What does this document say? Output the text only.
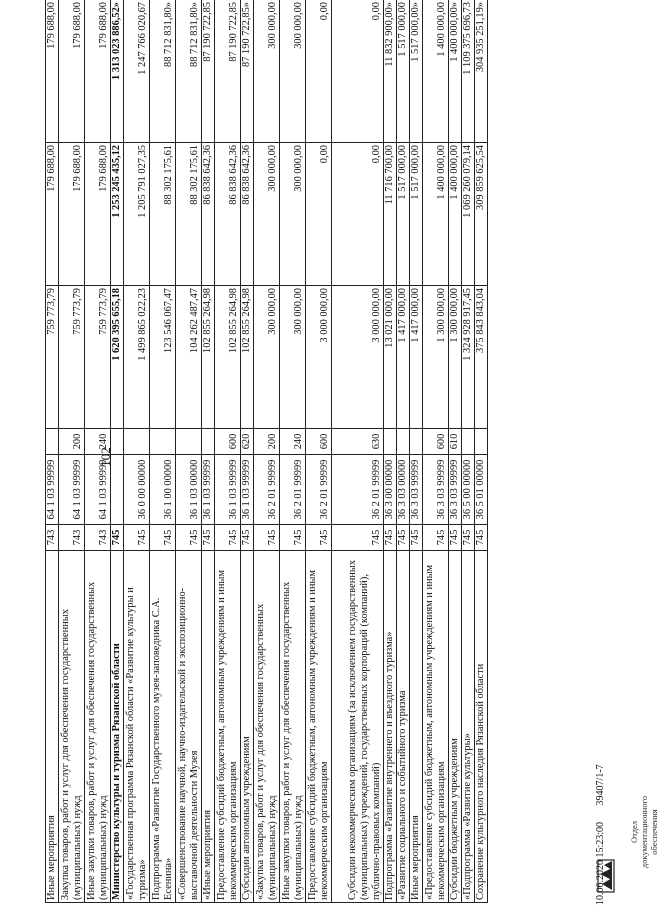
102
Иные мероприятия	743	64 1 03 99999		759 773,79	179 688,00	179 688,00
Закупка товаров, работ и услуг для обеспечения государственных (муниципальных) нужд	743	64 1 03 99999	200	759 773,79	179 688,00	179 688,00
Иные закупки товаров, работ и услуг для обеспечения государственных (муниципальных) нужд	743	64 1 03 99999	240	759 773,79	179 688,00	179 688,00
Министерство культуры и туризма Рязанской области	745			1 620 395 655,18	1 253 245 435,12	1 313 023 886,52»
«Государственная программа Рязанской области «Развитие культуры и туризма»	745	36 0 00 00000		1 499 865 022,23	1 205 791 027,35	1 247 766 020,67
Подпрограмма «Развитие Государственного музея-заповедника С.А. Есенина»	745	36 1 00 00000		123 546 067,47	88 302 175,61	88 712 831,80»
«Совершенствование научной, научно-издательской и экспозиционно-выставочной деятельности Музея	745	36 1 03 00000		104 262 487,47	88 302 175,61	88 712 831,80»
«Иные мероприятия	745	36 1 03 99999		102 855 264,98	86 838 642,36	87 190 722,85
Предоставление субсидий бюджетным, автономным учреждениям и иным некоммерческим организациям	745	36 1 03 99999	600	102 855 264,98	86 838 642,36	87 190 722,85
Субсидии автономным учреждениям	745	36 1 03 99999	620	102 855 264,98	86 838 642,36	87 190 722,85»
«Закупка товаров, работ и услуг для обеспечения государственных (муниципальных) нужд	745	36 2 01 99999	200	300 000,00	300 000,00	300 000,00
Иные закупки товаров, работ и услуг для обеспечения государственных (муниципальных) нужд	745	36 2 01 99999	240	300 000,00	300 000,00	300 000,00
Предоставление субсидий бюджетным, автономным учреждениям и иным некоммерческим организациям	745	36 2 01 99999	600	3 000 000,00	0,00	0,00
Субсидии некоммерческим организациям (за исключением государственных (муниципальных) учреждений, государственных корпораций (компаний), публично-правовых компаний)	745	36 2 01 99999	630	3 000 000,00	0,00	0,00
Подпрограмма «Развитие внутреннего и въездного туризма»	745	36 3 00 00000		13 021 000,00	11 716 700,00	11 832 900,00»
«Развитие социального и событийного туризма	745	36 3 03 00000		1 417 000,00	1 517 000,00	1 517 000,00
Иные мероприятия	745	36 3 03 99999		1 417 000,00	1 517 000,00	1 517 000,00»
«Предоставление субсидий бюджетным, автономным учреждениям и иным некоммерческим организациям	745	36 3 03 99999	600	1 300 000,00	1 400 000,00	1 400 000,00
Субсидии бюджетным учреждениям	745	36 3 03 99999	610	1 300 000,00	1 400 000,00	1 400 000,00»
«Подпрограмма «Развитие культуры»	745	36 5 00 00000		1 324 928 917,45	1 069 260 079,14	1 109 375 696,73
Сохранение культурного наследия Рязанской области	745	36 5 01 00000		375 843 843,04	309 859 625,54	304 935 251,19»
Отдел документационного обеспечения
10.06.2020 15:23:00 39407/1-7
